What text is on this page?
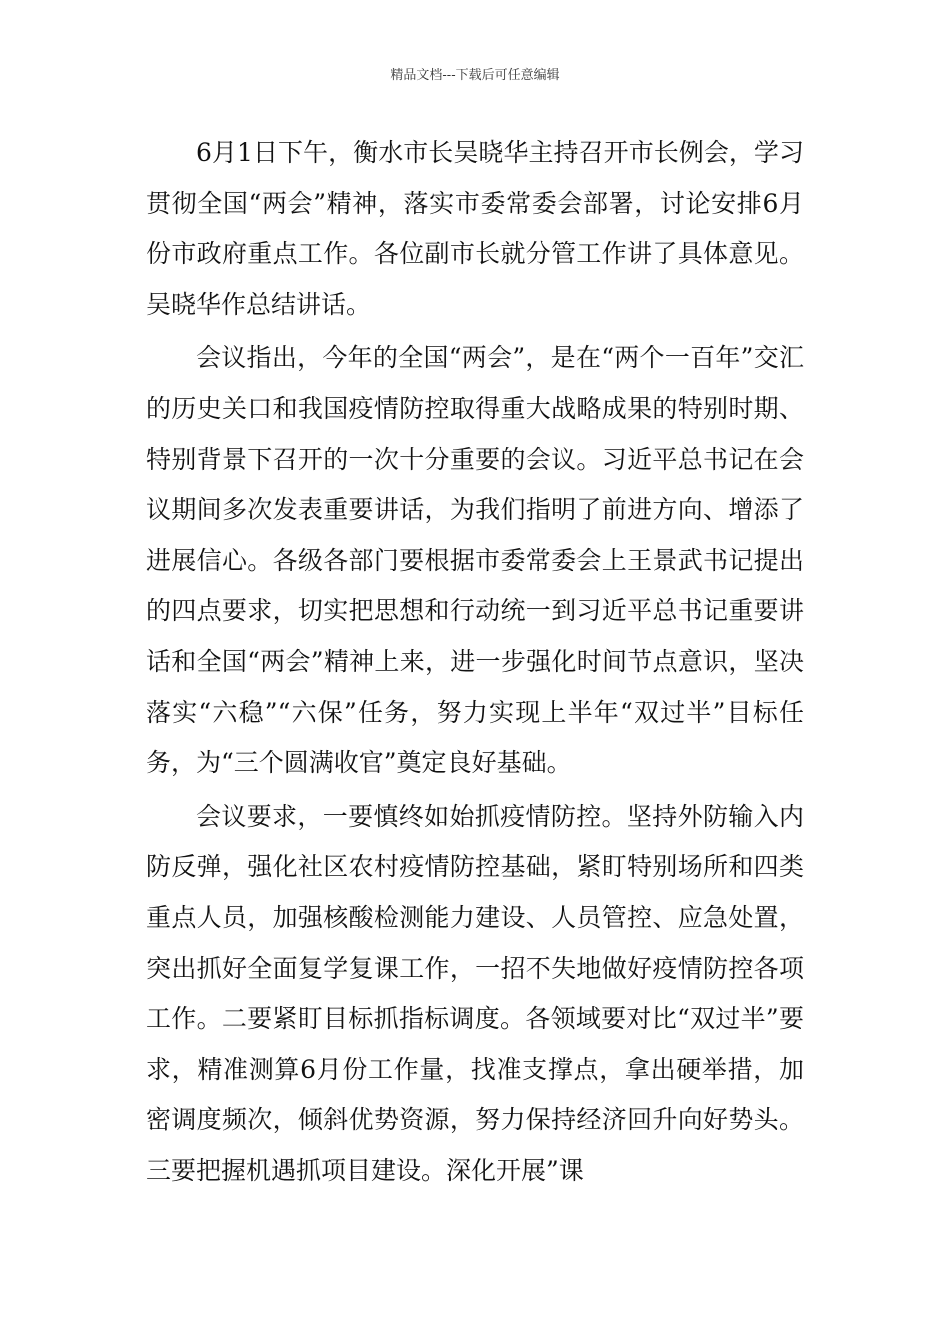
精品文档---下载后可任意编辑

6月1日下午，衡水市长吴晓华主持召开市长例会，学习贯彻全国“两会”精神，落实市委常委会部署，讨论安排6月份市政府重点工作。各位副市长就分管工作讲了具体意见。吴晓华作总结讲话。

会议指出，今年的全国“两会”，是在“两个一百年”交汇的历史关口和我国疫情防控取得重大战略成果的特别时期、特别背景下召开的一次十分重要的会议。习近平总书记在会议期间多次发表重要讲话，为我们指明了前进方向、增添了进展信心。各级各部门要根据市委常委会上王景武书记提出的四点要求，切实把思想和行动统一到习近平总书记重要讲话和全国“两会”精神上来，进一步强化时间节点意识，坚决落实“六稳”“六保”任务，努力实现上半年“双过半”目标任务，为“三个圆满收官”奠定良好基础。

会议要求，一要慎终如始抓疫情防控。坚持外防输入内防反弹，强化社区农村疫情防控基础，紧盯特别场所和四类重点人员，加强核酸检测能力建设、人员管控、应急处置，突出抓好全面复学复课工作，一招不失地做好疫情防控各项工作。二要紧盯目标抓指标调度。各领域要对比“双过半”要求，精准测算6月份工作量，找准支撑点，拿出硬举措，加密调度频次，倾斜优势资源，努力保持经济回升向好势头。三要把握机遇抓项目建设。深化开展”课
